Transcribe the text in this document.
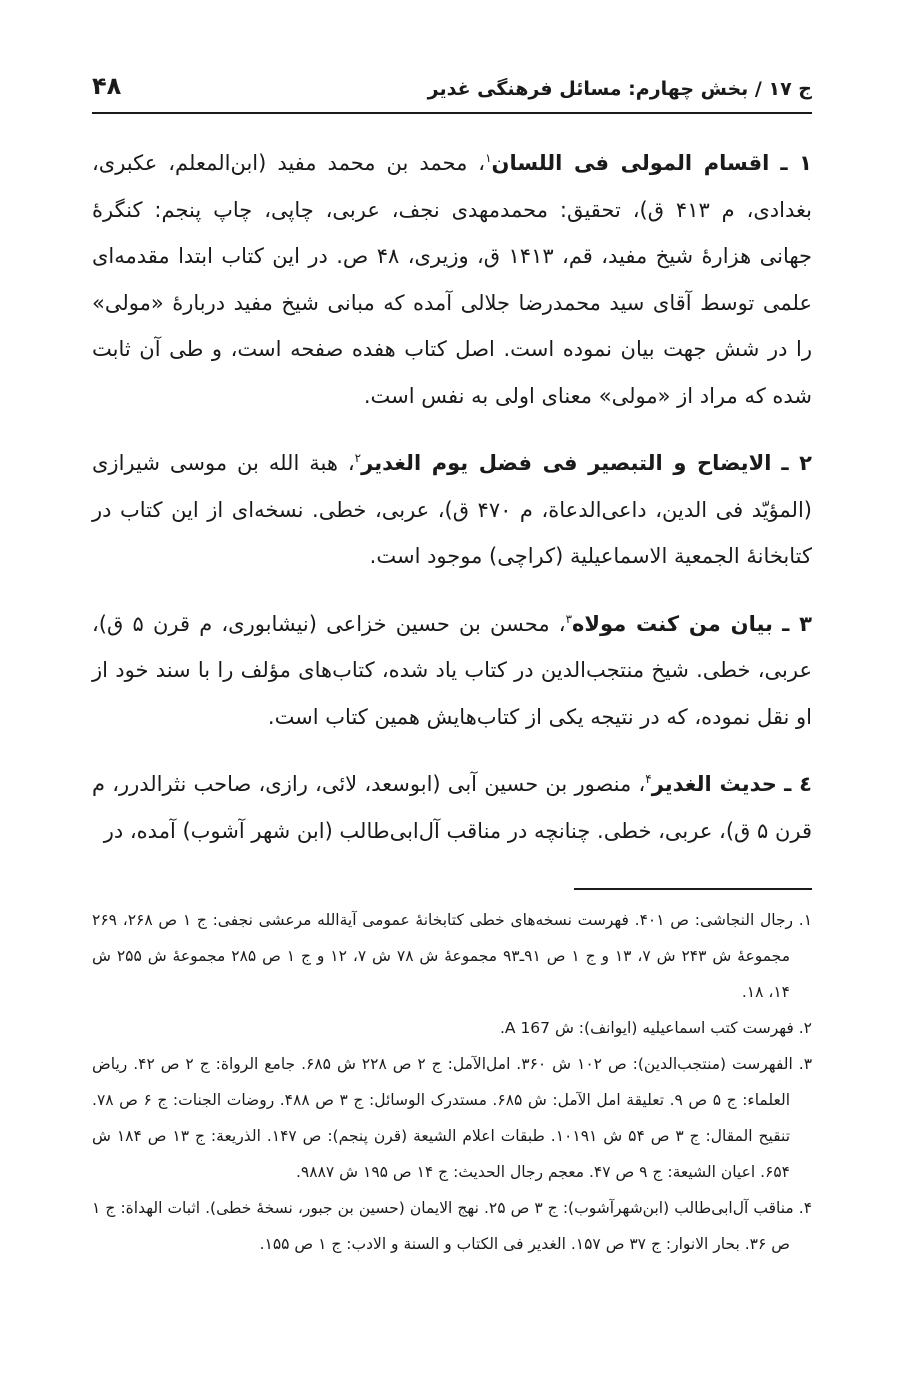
ج ۱۷ / بخش چهارم: مسائل فرهنگی غدیر
۴۸

۱ ـ اقسام المولی فی اللسان$^۱$، محمد بن محمد مفید (ابن‌المعلم، عکبری، بغدادی، م ۴۱۳ ق)، تحقیق: محمدمهدی نجف، عربی، چاپی، چاپ پنجم: کنگرهٔ جهانی هزارهٔ شیخ مفید، قم، ۱۴۱۳ ق، وزیری، ۴۸ ص. در این کتاب ابتدا مقدمه‌ای علمی توسط آقای سید محمدرضا جلالی آمده که مبانی شیخ مفید دربارهٔ «مولی» را در شش جهت بیان نموده است. اصل کتاب هفده صفحه است، و طی آن ثابت شده که مراد از «مولی» معنای اولی به نفس است.

۲ ـ الایضاح و التبصیر فی فضل یوم الغدیر$^۲$، هبة الله بن موسی شیرازی (المؤیّد فی الدین، داعی‌الدعاة، م ۴۷۰ ق)، عربی، خطی. نسخه‌ای از این کتاب در کتابخانهٔ الجمعیة الاسماعیلیة (کراچی) موجود است.

۳ ـ بیان من کنت مولاه$^۳$، محسن بن حسین خزاعی (نیشابوری، م قرن ۵ ق)، عربی، خطی. شیخ منتجب‌الدین در کتاب یاد شده، کتاب‌های مؤلف را با سند خود از او نقل نموده، که در نتیجه یکی از کتاب‌هایش همین کتاب است.

٤ ـ حدیث الغدیر$^۴$، منصور بن حسین آبی (ابوسعد، لائی، رازی، صاحب نثرالدرر، م قرن ۵ ق)، عربی، خطی. چنانچه در مناقب آل‌ابی‌طالب (ابن شهر آشوب) آمده، در

۱. رجال النجاشی: ص ۴۰۱. فهرست نسخه‌های خطی کتابخانهٔ عمومی آیة‌الله مرعشی نجفی: ج ۱ ص ۲۶۸، ۲۶۹ مجموعهٔ ش ۲۴۳ ش ۷، ۱۳ و ج ۱ ص ۹۱ـ۹۳ مجموعهٔ ش ۷۸ ش ۷، ۱۲ و ج ۱ ص ۲۸۵ مجموعهٔ ش ۲۵۵ ش ۱۴، ۱۸.
۲. فهرست کتب اسماعیلیه (ایوانف): ش 167 A.
۳. الفهرست (منتجب‌الدین): ص ۱۰۲ ش ۳۶۰. امل‌الآمل: ج ۲ ص ۲۲۸ ش ۶۸۵. جامع الرواة: ج ۲ ص ۴۲. ریاض العلماء: ج ۵ ص ۹. تعلیقة امل الآمل: ش ۶۸۵. مستدرک الوسائل: ج ۳ ص ۴۸۸. روضات الجنات: ج ۶ ص ۷۸. تنقیح المقال: ج ۳ ص ۵۴ ش ۱۰۱۹۱. طبقات اعلام الشیعة (قرن پنجم): ص ۱۴۷. الذریعة: ج ۱۳ ص ۱۸۴ ش ۶۵۴. اعیان الشیعة: ج ۹ ص ۴۷. معجم رجال الحدیث: ج ۱۴ ص ۱۹۵ ش ۹۸۸۷.
۴. مناقب آل‌ابی‌طالب (ابن‌شهرآشوب): ج ۳ ص ۲۵. نهج الایمان (حسین بن جبور، نسخهٔ خطی). اثبات الهداة: ج ۱ ص ۳۶. بحار الانوار: ج ۳۷ ص ۱۵۷. الغدیر فی الکتاب و السنة و الادب: ج ۱ ص ۱۵۵.
